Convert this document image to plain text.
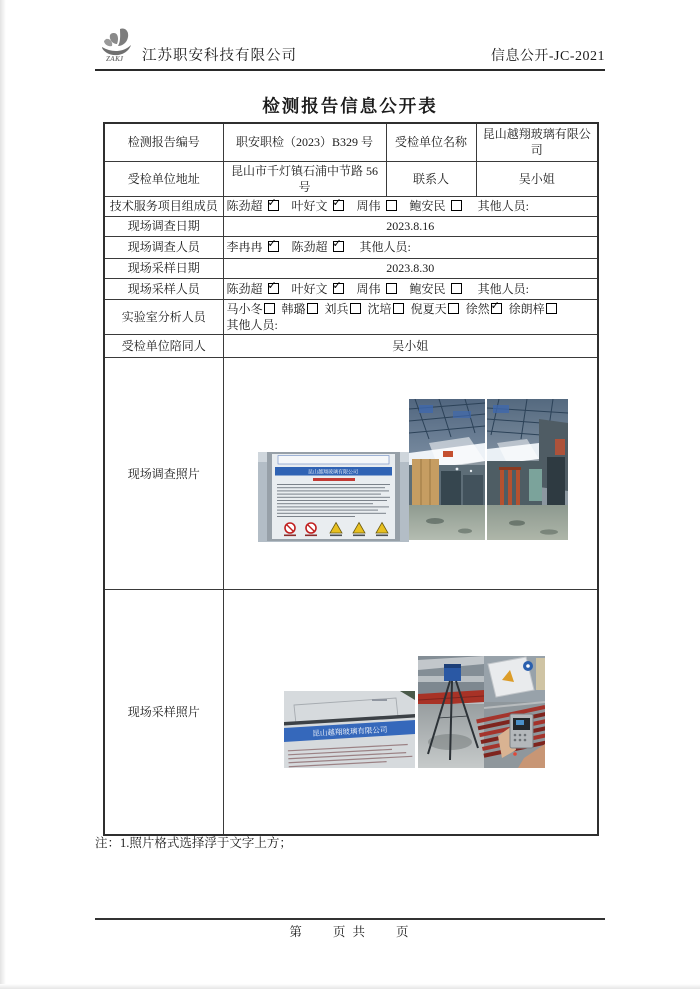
ZAKJ 江苏职安科技有限公司	信息公开-JC-2021
检测报告信息公开表
检测报告编号	职安职检（2023）B329 号	受检单位名称	昆山越翔玻璃有限公司
受检单位地址	昆山市千灯镇石浦中节路 56 号	联系人	吴小姐
技术服务项目组成员	陈劲超 ✓ 叶好文 ✓ 周伟 鲍安民 其他人员:
现场调查日期	2023.8.16		
现场调查人员	李冉冉 ✓ 陈劲超 ✓ 其他人员:
现场采样日期	2023.8.30		
现场采样人员	陈劲超 ✓ 叶好文 ✓ 周伟 鲍安民 其他人员:
实验室分析人员	马小冬 韩璐 刘兵 沈培 倪夏天 徐然✓ 徐朗梓
其他人员:
受检单位陪同人	吴小姐		
现场调查照片	昆山越翔玻璃有限公司		

现场采样照片	昆山越翔玻璃有限公司		
注：1.照片格式选择浮于文字上方；
第　　页 共　　页
